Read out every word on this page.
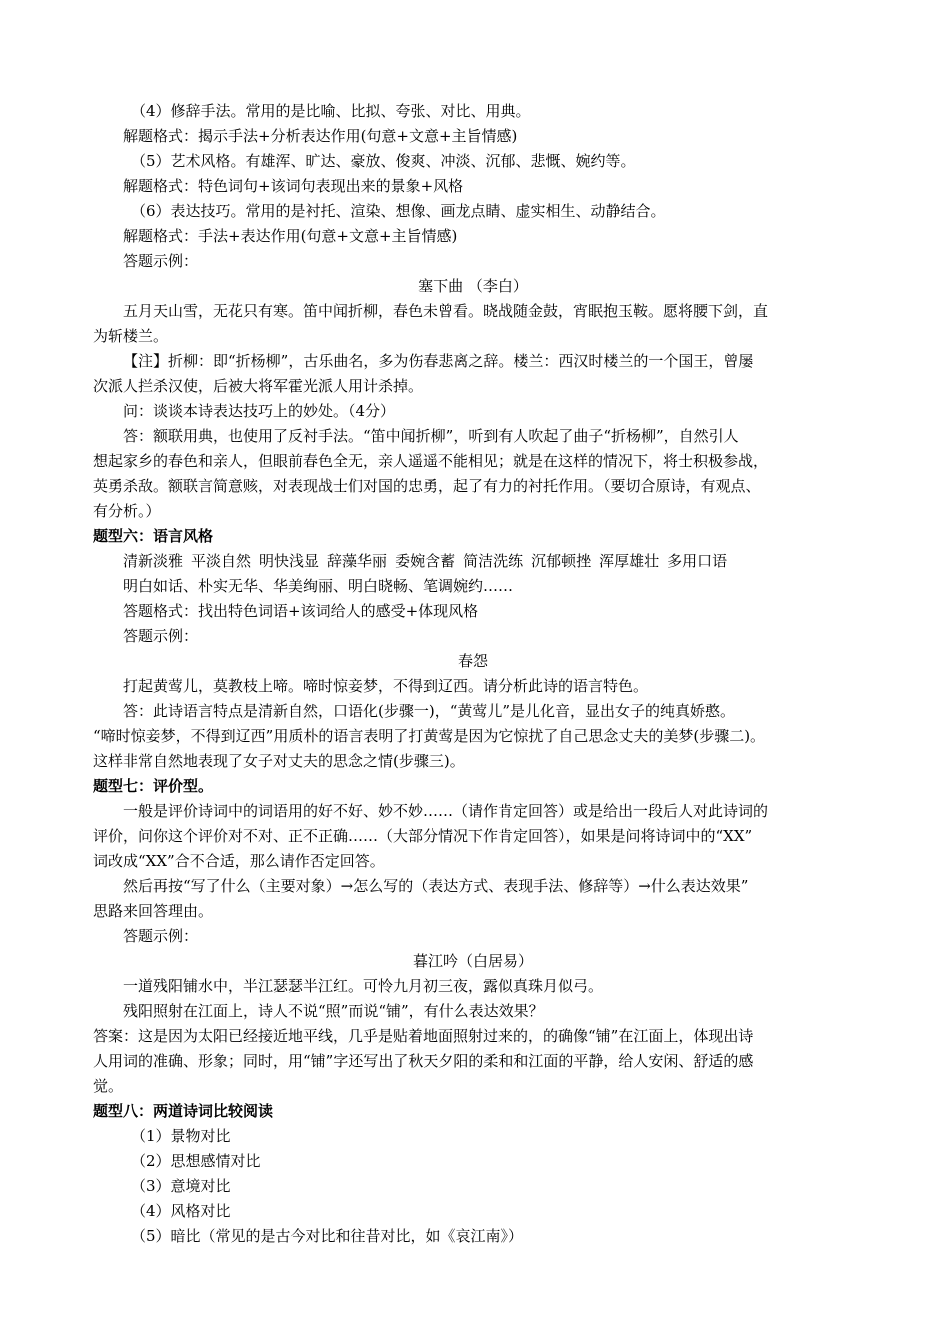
（4）修辞手法。常用的是比喻、比拟、夸张、对比、用典。

解题格式：揭示手法+分析表达作用(句意+文意+主旨情感)

（5）艺术风格。有雄浑、旷达、豪放、俊爽、冲淡、沉郁、悲慨、婉约等。

解题格式：特色词句+该词句表现出来的景象+风格

（6）表达技巧。常用的是衬托、渲染、想像、画龙点睛、虚实相生、动静结合。

解题格式：手法+表达作用(句意+文意+主旨情感)

答题示例：

塞下曲 （李白）

五月天山雪，无花只有寒。笛中闻折柳，春色未曾看。晓战随金鼓，宵眠抱玉鞍。愿将腰下剑，直

为斩楼兰。

【注】折柳：即“折杨柳”，古乐曲名，多为伤春悲离之辞。楼兰：西汉时楼兰的一个国王，曾屡

次派人拦杀汉使，后被大将军霍光派人用计杀掉。

问：谈谈本诗表达技巧上的妙处。（4分）

答：额联用典，也使用了反衬手法。“笛中闻折柳”，听到有人吹起了曲子“折杨柳”，自然引人

想起家乡的春色和亲人，但眼前春色全无，亲人遥遥不能相见；就是在这样的情况下，将士积极参战，

英勇杀敌。额联言简意赅，对表现战士们对国的忠勇，起了有力的衬托作用。（要切合原诗，有观点、

有分析。）

题型六：语言风格

清新淡雅 平淡自然 明快浅显 辞藻华丽 委婉含蓄 简洁洗练 沉郁顿挫 浑厚雄壮 多用口语

明白如话、朴实无华、华美绚丽、明白晓畅、笔调婉约……

答题格式：找出特色词语+该词给人的感受+体现风格

答题示例：

春怨

打起黄莺儿，莫教枝上啼。啼时惊妾梦，不得到辽西。请分析此诗的语言特色。

答：此诗语言特点是清新自然，口语化(步骤一)，“黄莺儿”是儿化音，显出女子的纯真娇憨。

“啼时惊妾梦，不得到辽西”用质朴的语言表明了打黄莺是因为它惊扰了自己思念丈夫的美梦(步骤二)。

这样非常自然地表现了女子对丈夫的思念之情(步骤三)。

题型七：评价型。

一般是评价诗词中的词语用的好不好、妙不妙……（请作肯定回答）或是给出一段后人对此诗词的

评价，问你这个评价对不对、正不正确……（大部分情况下作肯定回答），如果是问将诗词中的“XX”

词改成“XX”合不合适，那么请作否定回答。

然后再按“写了什么（主要对象）→怎么写的（表达方式、表现手法、修辞等）→什么表达效果”

思路来回答理由。

答题示例：

暮江吟（白居易）

一道残阳铺水中，半江瑟瑟半江红。可怜九月初三夜，露似真珠月似弓。

残阳照射在江面上，诗人不说“照”而说“铺”，有什么表达效果？

答案：这是因为太阳已经接近地平线，几乎是贴着地面照射过来的，的确像“铺”在江面上，体现出诗

人用词的准确、形象；同时，用“铺”字还写出了秋天夕阳的柔和和江面的平静，给人安闲、舒适的感

觉。

题型八：两道诗词比较阅读

（1）景物对比

（2）思想感情对比

（3）意境对比

（4）风格对比

（5）暗比（常见的是古今对比和往昔对比，如《哀江南》）
